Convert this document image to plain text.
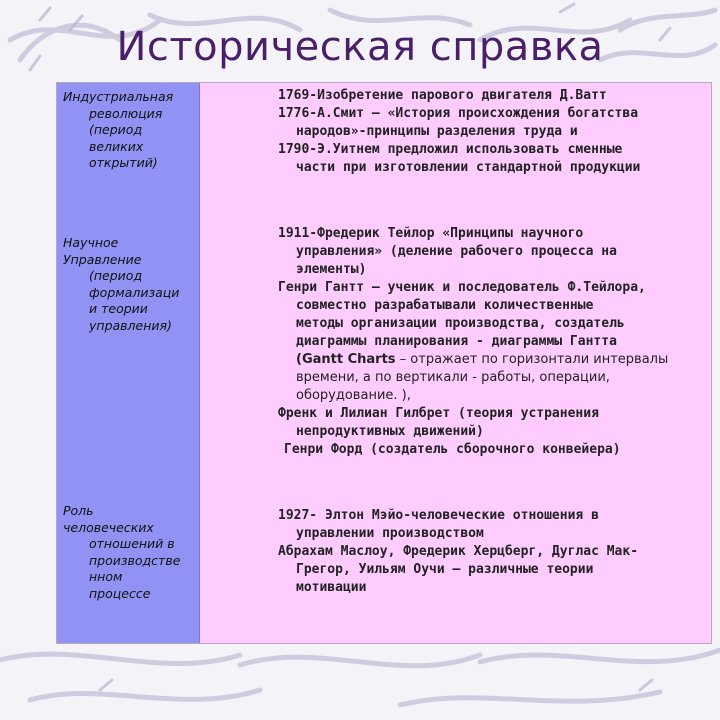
Историческая справка
Индустриальная
революция
(период
великих
открытий)
Научное
Управление
(период
формализаци
и теории
управления)
Роль
человеческих
отношений в
производстве
нном
процессе
1769-Изобретение парового двигателя Д.Ватт
1776-А.Смит – «История происхождения богатства
народов»-принципы разделения труда и
1790-Э.Уитнем предложил использовать сменные
части при изготовлении стандартной продукции
1911-Фредерик Тейлор «Принципы научного
управления» (деление рабочего процесса на
элементы)
Генри Гантт – ученик и последователь Ф.Тейлора,
совместно разрабатывали количественные
методы организации производства, создатель
диаграммы планирования - диаграммы Гантта
(Gantt Charts – отражает по горизонтали интервалы
времени, а по вертикали - работы, операции,
оборудование. ),
Френк и Лилиан Гилбрет (теория устранения
непродуктивных движений)
Генри Форд (создатель сборочного конвейера)
1927- Элтон Мэйо-человеческие отношения в
управлении производством
Абрахам Маслоу, Фредерик Херцберг, Дуглас Мак-
Грегор, Уильям Оучи – различные теории
мотивации
